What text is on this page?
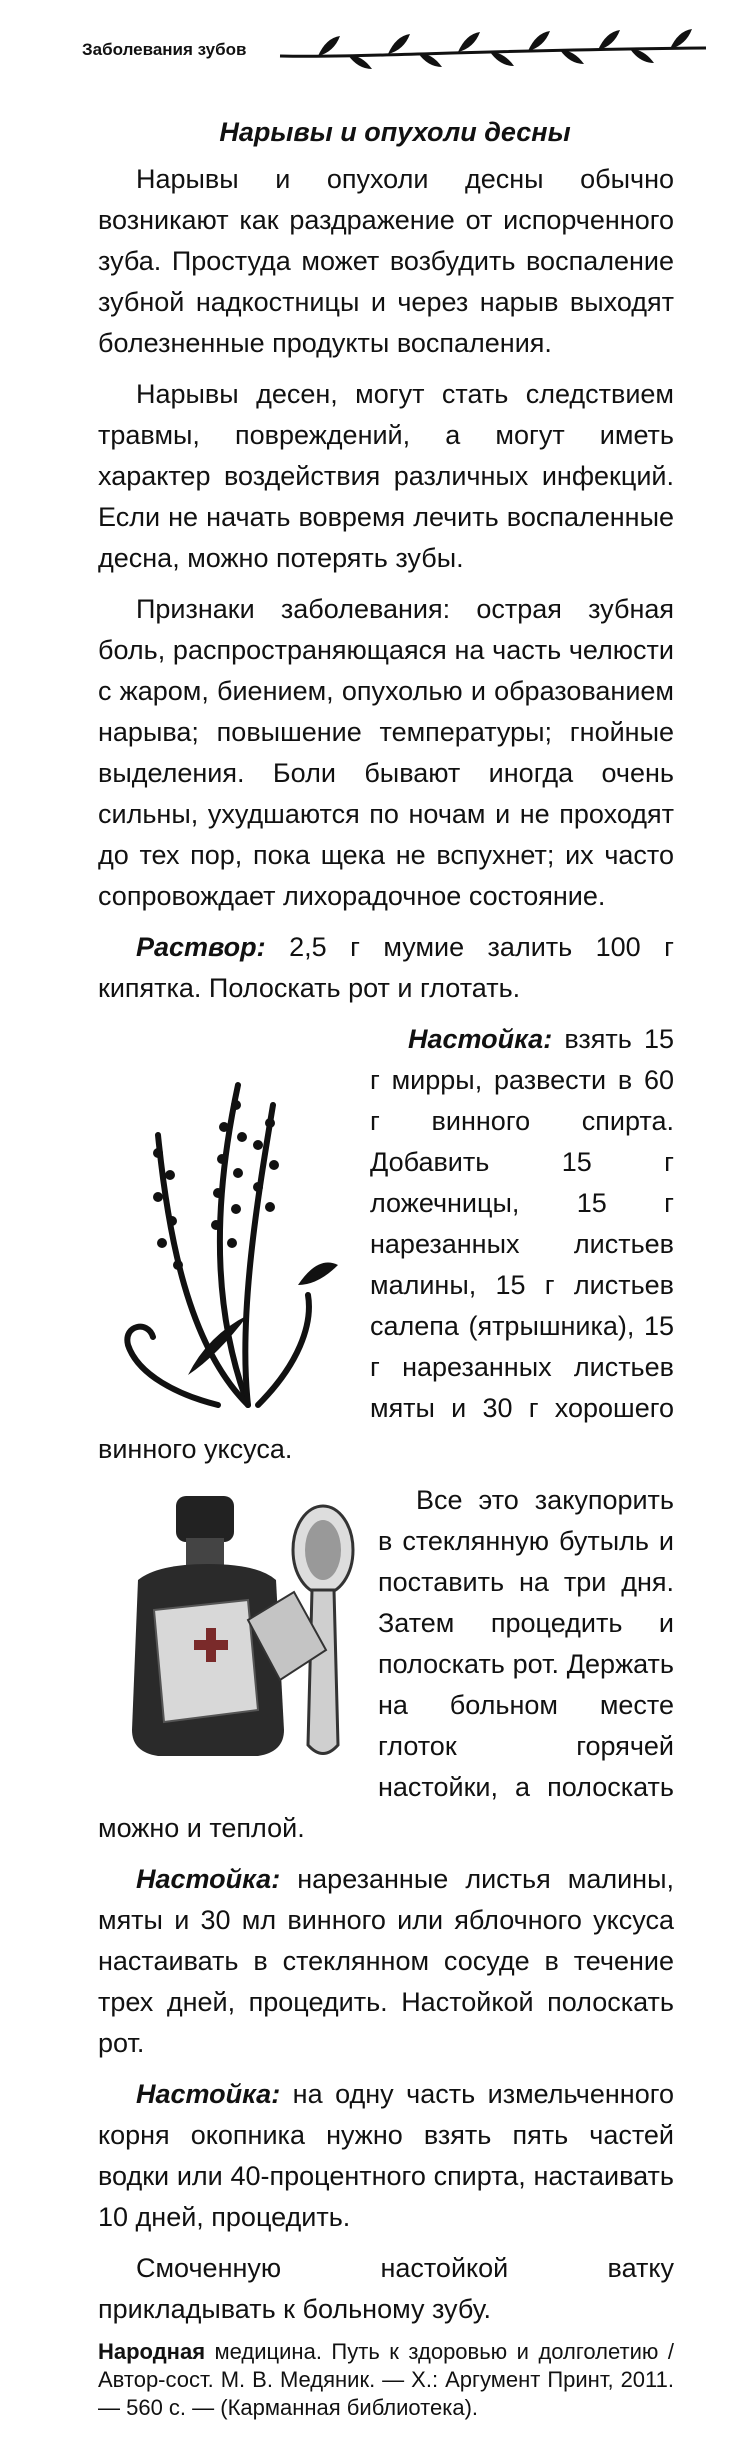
Заболевания зубов
Нарывы и опухоли десны

Нарывы и опухоли десны обычно возникают как раздражение от испорченного зуба. Простуда может возбудить воспаление зубной надкостницы и через нарыв выходят болезненные продукты воспаления.

Нарывы десен, могут стать следствием травмы, повреждений, а могут иметь характер воздействия различных инфекций. Если не начать вовремя лечить воспаленные десна, можно потерять зубы.

Признаки заболевания: острая зубная боль, распространяющаяся на часть челюсти с жаром, биением, опухолью и образованием нарыва; повышение температуры; гнойные выделения. Боли бывают иногда очень сильны, ухудшаются по ночам и не проходят до тех пор, пока щека не вспухнет; их часто сопровождает лихорадочное состояние.

Раствор: 2,5 г мумие залить 100 г кипятка. Полоскать рот и глотать.

Настойка: взять 15 г мирры, развести в 60 г винного спирта. Добавить 15 г ложечницы, 15 г нарезанных листьев малины, 15 г листьев салепа (ятрышника), 15 г нарезанных листьев мяты и 30 г хорошего винного уксуса.

Все это закупорить в стеклянную бутыль и поставить на три дня. Затем процедить и полоскать рот. Держать на больном месте глоток горячей настойки, а полоскать можно и теплой.

Настойка: нарезанные листья малины, мяты и 30 мл винного или яблочного уксуса настаивать в стеклянном сосуде в течение трех дней, процедить. Настойкой полоскать рот.

Настойка: на одну часть измельченного корня окопника нужно взять пять частей водки или 40-процентного спирта, настаивать 10 дней, процедить.

Смоченную настойкой ватку прикладывать к больному зубу.

Народная медицина. Путь к здоровью и долголетию / Автор-сост. М. В. Медяник. — Х.: Аргумент Принт, 2011. — 560 с. — (Карманная библиотека).
